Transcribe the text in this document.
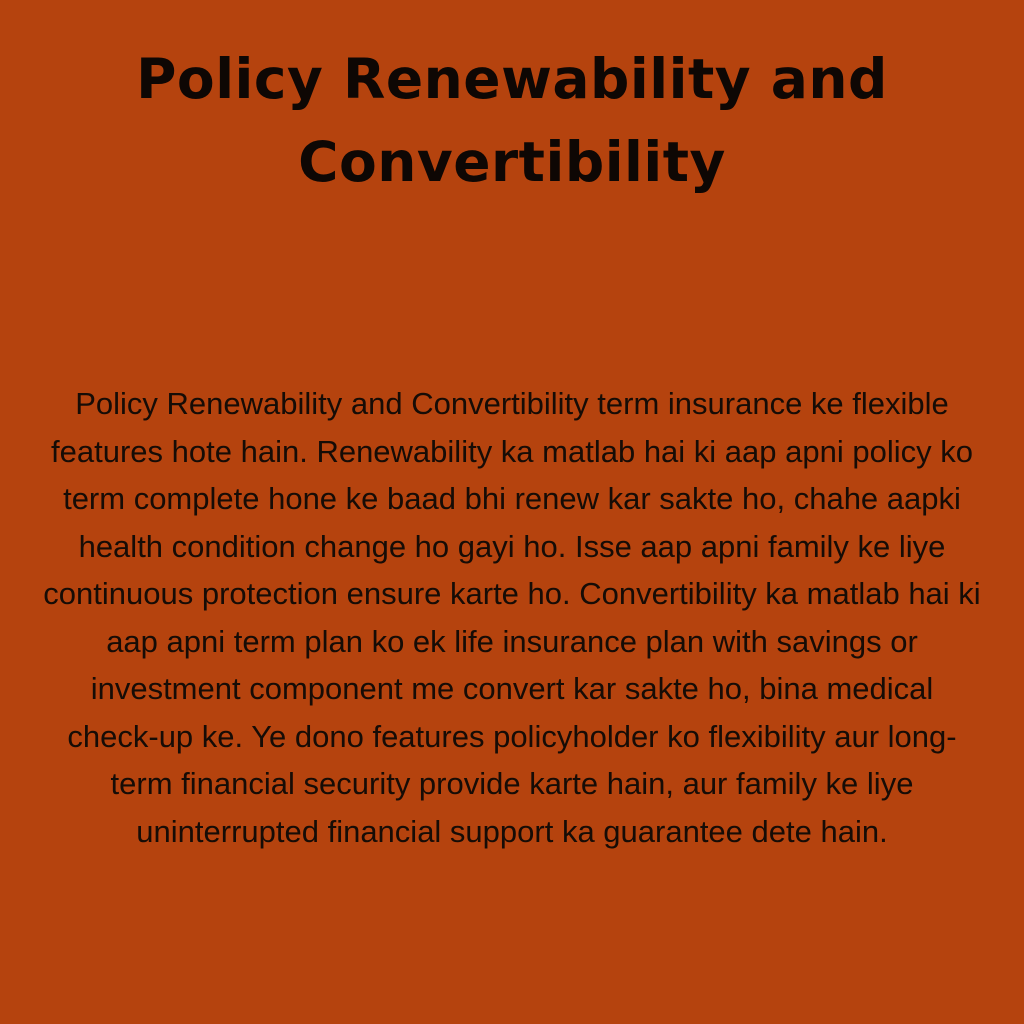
Policy Renewability and
Convertibility

Policy Renewability and Convertibility term insurance ke flexible features hote hain. Renewability ka matlab hai ki aap apni policy ko term complete hone ke baad bhi renew kar sakte ho, chahe aapki health condition change ho gayi ho. Isse aap apni family ke liye continuous protection ensure karte ho. Convertibility ka matlab hai ki aap apni term plan ko ek life insurance plan with savings or investment component me convert kar sakte ho, bina medical check-up ke. Ye dono features policyholder ko flexibility aur long-term financial security provide karte hain, aur family ke liye uninterrupted financial support ka guarantee dete hain.
